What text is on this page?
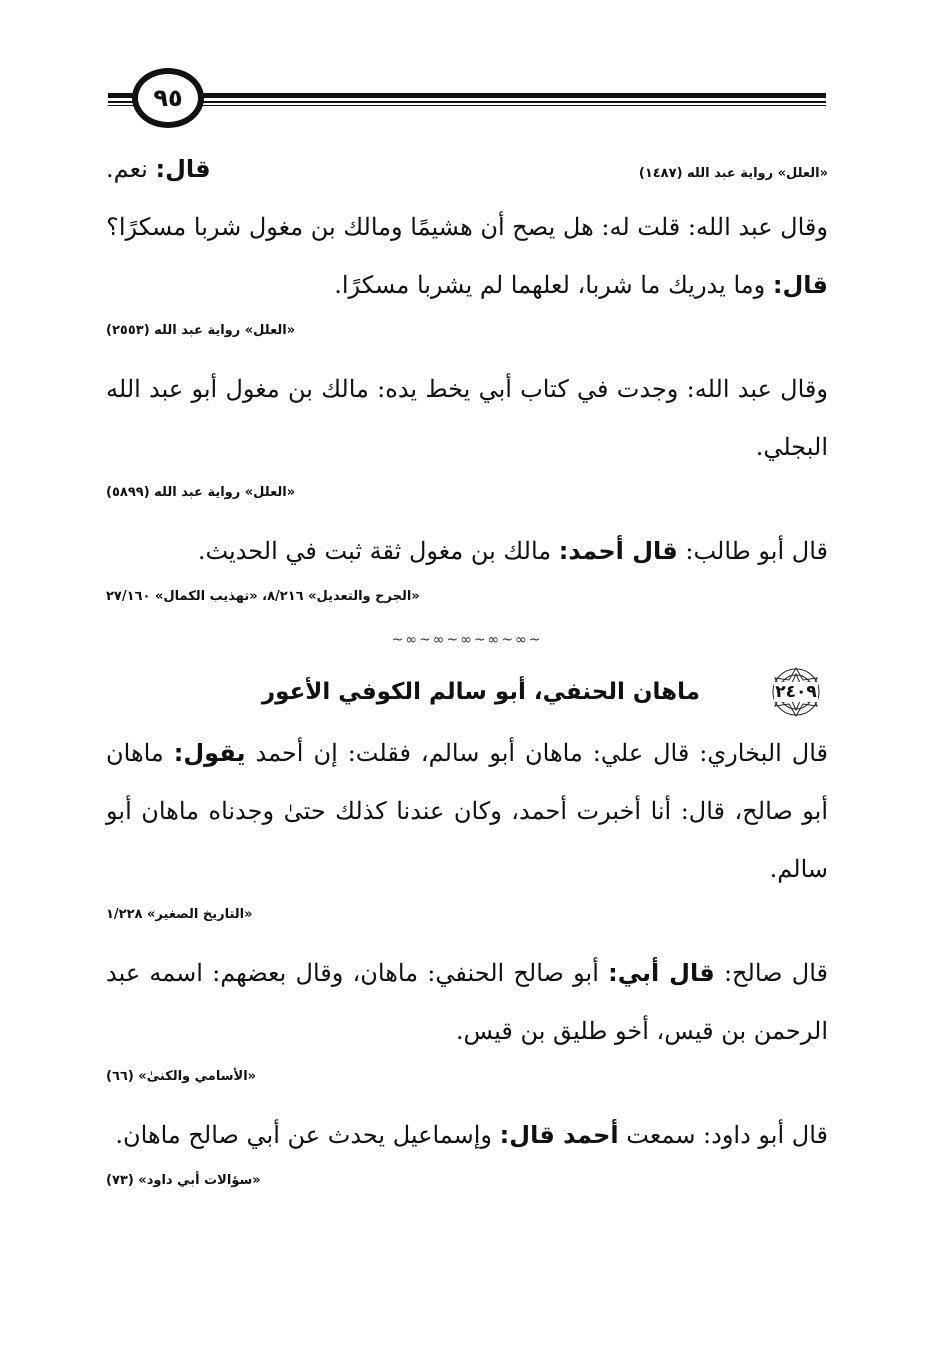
٩٥

قال: نعم.	«العلل» رواية عبد الله (١٤٨٧)

وقال عبد الله: قلت له: هل يصح أن هشيمًا ومالك بن مغول شربا مسكرًا؟

قال: وما يدريك ما شربا، لعلهما لم يشربا مسكرًا.

«العلل» رواية عبد الله (٢٥٥٣)

وقال عبد الله: وجدت في كتاب أبي يخط يده: مالك بن مغول أبو عبد الله البجلي.

«العلل» رواية عبد الله (٥٨٩٩)

قال أبو طالب: قال أحمد: مالك بن مغول ثقة ثبت في الحديث.

«الجرح والتعديل» ٨/٢١٦، «تهذيب الكمال» ٢٧/١٦٠
~∞~∞~∞~∞~∞~
٢٤٠٩
ماهان الحنفي، أبو سالم الكوفي الأعور

قال البخاري: قال علي: ماهان أبو سالم، فقلت: إن أحمد يقول: ماهان أبو صالح، قال: أنا أخبرت أحمد، وكان عندنا كذلك حتىٰ وجدناه ماهان أبو سالم.

«التاريخ الصغير» ١/٢٢٨

قال صالح: قال أبي: أبو صالح الحنفي: ماهان، وقال بعضهم: اسمه عبد الرحمن بن قيس، أخو طليق بن قيس.

«الأسامي والكنىٰ» (٦٦)

قال أبو داود: سمعت أحمد قال: وإسماعيل يحدث عن أبي صالح ماهان.

«سؤالات أبي داود» (٧٣)
